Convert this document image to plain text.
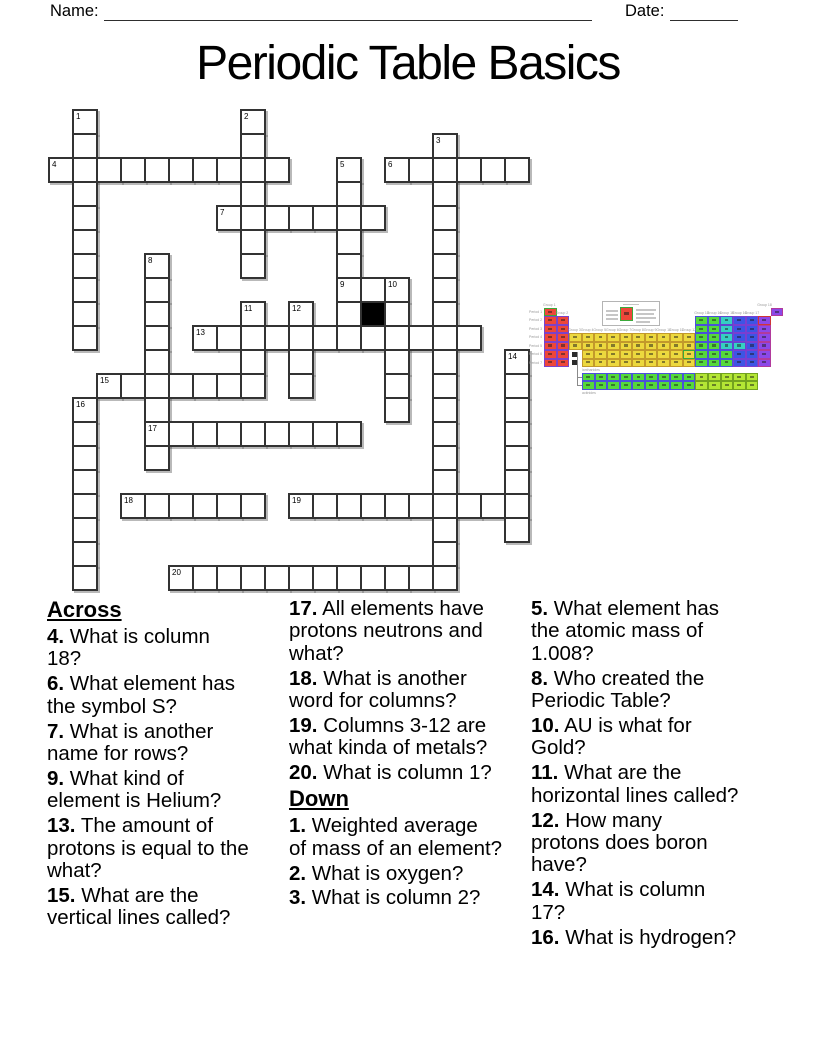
Name:	Date:
Periodic Table Basics
1	2
3
4	5	6
7
8
9	10
11	12
13
14
15
16
17
18	19
20
Period 1
Period 2
Period 3
Period 4
Period 5
Period 6
Period 7
Group 1
Group 2
Group 3 Group 4 Group 5 Group 6 Group 7 Group 8 Group 9 Group 10
Group 11
Group 12
Group 13
Group 14
Group 15
Group 16
Group 17
Group 18
lanthanides
actinides
Across
4. What is column
18?
6. What element has
the symbol S?
7. What is another
name for rows?
9. What kind of
element is Helium?
13. The amount of
protons is equal to the
what?
15. What are the
vertical lines called?
17. All elements have
protons neutrons and
what?
18. What is another
word for columns?
19. Columns 3-12 are
what kinda of metals?
20. What is column 1?
Down
1. Weighted average
of mass of an element?
2. What is oxygen?
3. What is column 2?
5. What element has
the atomic mass of
1.008?
8. Who created the
Periodic Table?
10. AU is what for
Gold?
11. What are the
horizontal lines called?
12. How many
protons does boron
have?
14. What is column
17?
16. What is hydrogen?
